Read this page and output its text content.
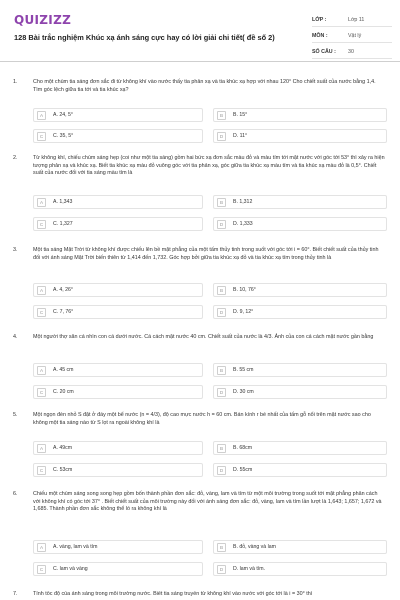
QUIZIZZ
128 Bài trắc nghiệm Khúc xạ ánh sáng cực hay có lời giải chi tiết( đề số 2)
LỚP :	Lớp 11
MÔN :	Vật lý
SỐ CÂU :	30
1.	Cho một chùm tia sáng đơn sắc đi từ không khí vào nước thấy tia phản xạ và tia khúc xạ hợp với nhau 120° Cho chiết suất của nước bằng 1,4. Tìm góc lệch giữa tia tới và tia khúc xạ?
A	A. 24, 5°	B	B. 15°
C	C. 35, 5°	D	D. 11°
2.	Từ không khí, chiếu chùm sáng hẹp (coi như một tia sáng) gồm hai bức xạ đơn sắc màu đỏ và màu tím tới mặt nước với góc tới 53° thì xảy ra hiện tượng phản xạ và khúc xạ. Biết tia khúc xạ màu đỏ vuông góc với tia phản xạ, góc giữa tia khúc xạ màu tím và tia khúc xạ màu đỏ là 0,5°. Chiết suất của nước đối với tia sáng màu tím là
A	A. 1,343	B	B. 1,312
C	C. 1,327	D	D. 1,333
3.	Một tia sáng Mặt Trời từ không khí được chiếu lên bề mặt phẳng của một tấm thủy tinh trong suốt với góc tới i = 60°. Biết chiết suất của thủy tinh đối với ánh sáng Mặt Trời biến thiên từ 1,414 đến 1,732. Góc hợp bởi giữa tia khúc xạ đỏ và tia khúc xạ tím trong thủy tinh là
A	A. 4, 26°	B	B. 10, 76°
C	C. 7, 76°	D	D. 9, 12°
4.	Một người thợ săn cá nhìn con cá dưới nước. Cá cách mặt nước 40 cm. Chiết suất của nước là 4/3. Ảnh của con cá cách mặt nước gần bằng
A	A. 45 cm	B	B. 55 cm
C	C. 20 cm	D	D. 30 cm
5.	Một ngọn đèn nhỏ S đặt ở đáy một bể nước (n = 4/3), độ cao mực nước h = 60 cm. Bán kính r bé nhất của tấm gỗ nổi trên mặt nước sao cho không một tia sáng nào từ S lọt ra ngoài không khí là
A	A. 49cm	B	B. 68cm
C	C. 53cm	D	D. 55cm
6.	Chiếu một chùm sáng song song hẹp gồm bốn thành phần đơn sắc: đỏ, vàng, lam và tím từ một môi trường trong suốt tới mặt phẳng phân cách với không khí có góc tới 37° . Biết chiết suất của môi trường này đối với ánh sáng đơn sắc: đỏ, vàng, lam và tím lần lượt là 1,643; 1,657; 1,672 và 1,685. Thành phần đơn sắc không thể ló ra không khí là
A	A. vàng, lam và tím	B	B. đỏ, vàng và lam
C	C. lam và vàng	D	D. lam và tím.
7.	Tính tốc độ của ánh sáng trong môi trường nước. Biết tia sáng truyền từ không khí vào nước với góc tới là i = 30° thì
